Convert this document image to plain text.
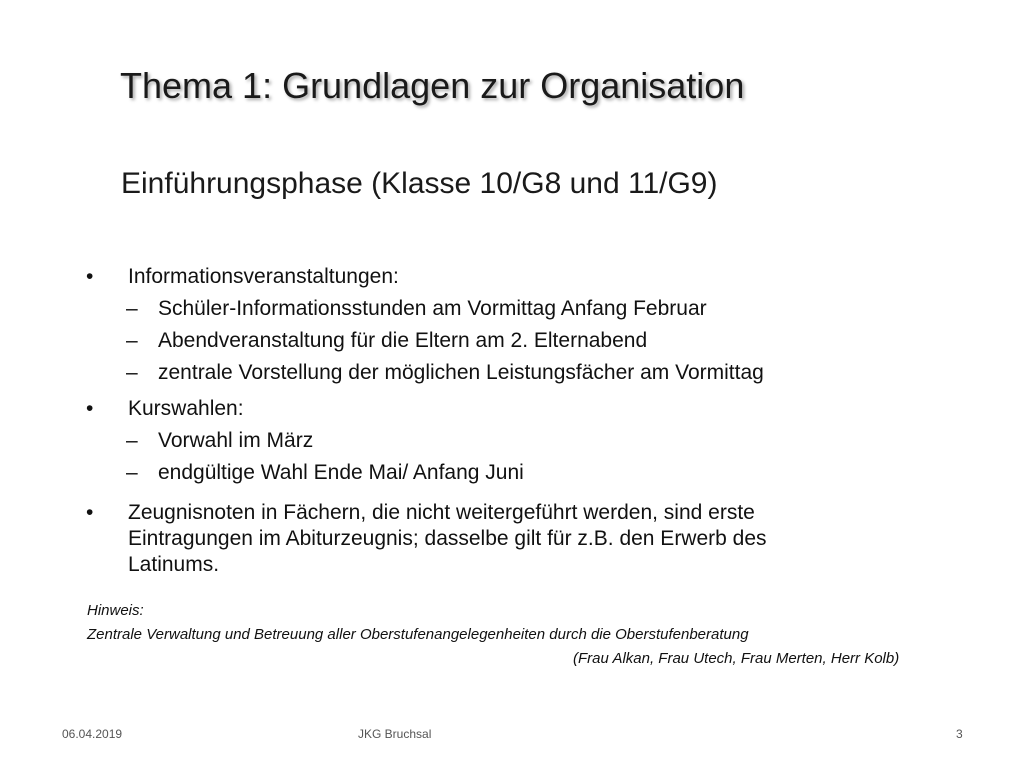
Thema 1: Grundlagen zur Organisation
Einführungsphase (Klasse 10/G8 und 11/G9)
•	Informationsveranstaltungen:
– Schüler-Informationsstunden am Vormittag Anfang Februar
– Abendveranstaltung für die Eltern am 2. Elternabend
– zentrale Vorstellung der möglichen Leistungsfächer am Vormittag
•	Kurswahlen:
– Vorwahl im März
– endgültige Wahl Ende Mai/ Anfang Juni
•	Zeugnisnoten in Fächern, die nicht weitergeführt werden, sind erste
Eintragungen im Abiturzeugnis; dasselbe gilt für z.B. den Erwerb des
Latinums.
Hinweis:
Zentrale Verwaltung und Betreuung aller Oberstufenangelegenheiten durch die Oberstufenberatung
(Frau Alkan, Frau Utech, Frau Merten, Herr Kolb)
06.04.2019	JKG Bruchsal	3
